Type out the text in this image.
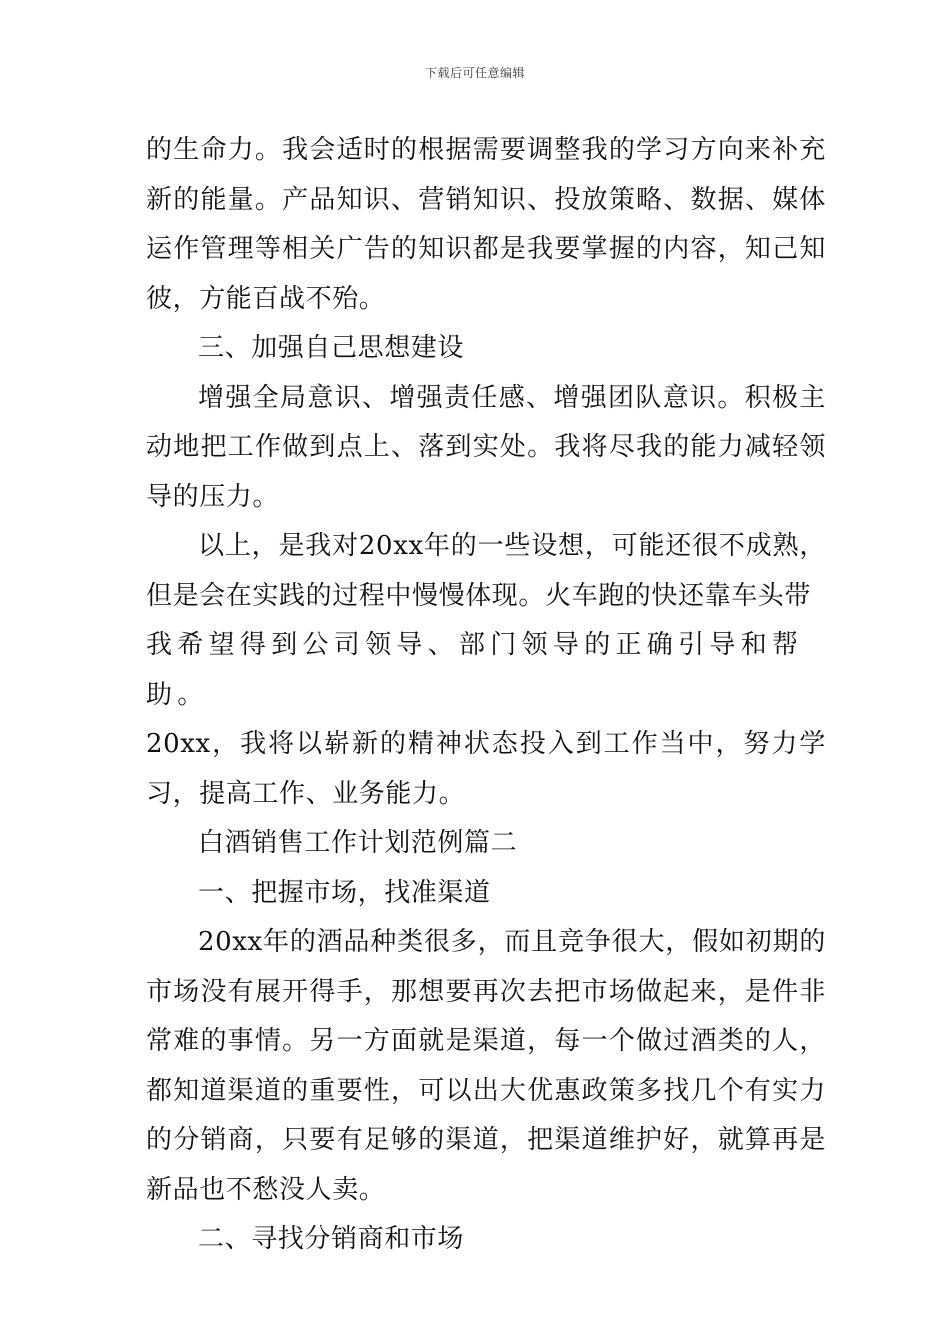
下载后可任意编辑

的生命力。我会适时的根据需要调整我的学习方向来补充新的能量。产品知识、营销知识、投放策略、数据、媒体运作管理等相关广告的知识都是我要掌握的内容，知己知彼，方能百战不殆。

三、加强自己思想建设

增强全局意识、增强责任感、增强团队意识。积极主动地把工作做到点上、落到实处。我将尽我的能力减轻领导的压力。

以上，是我对20xx年的一些设想，可能还很不成熟，但是会在实践的过程中慢慢体现。火车跑的快还靠车头带

我希望得到公司领导、部门领导的正确引导和帮助。

20xx，我将以崭新的精神状态投入到工作当中，努力学习，提高工作、业务能力。

白酒销售工作计划范例篇二

一、把握市场，找准渠道

20xx年的酒品种类很多，而且竞争很大，假如初期的市场没有展开得手，那想要再次去把市场做起来，是件非常难的事情。另一方面就是渠道，每一个做过酒类的人，都知道渠道的重要性，可以出大优惠政策多找几个有实力的分销商，只要有足够的渠道，把渠道维护好，就算再是新品也不愁没人卖。

二、寻找分销商和市场
